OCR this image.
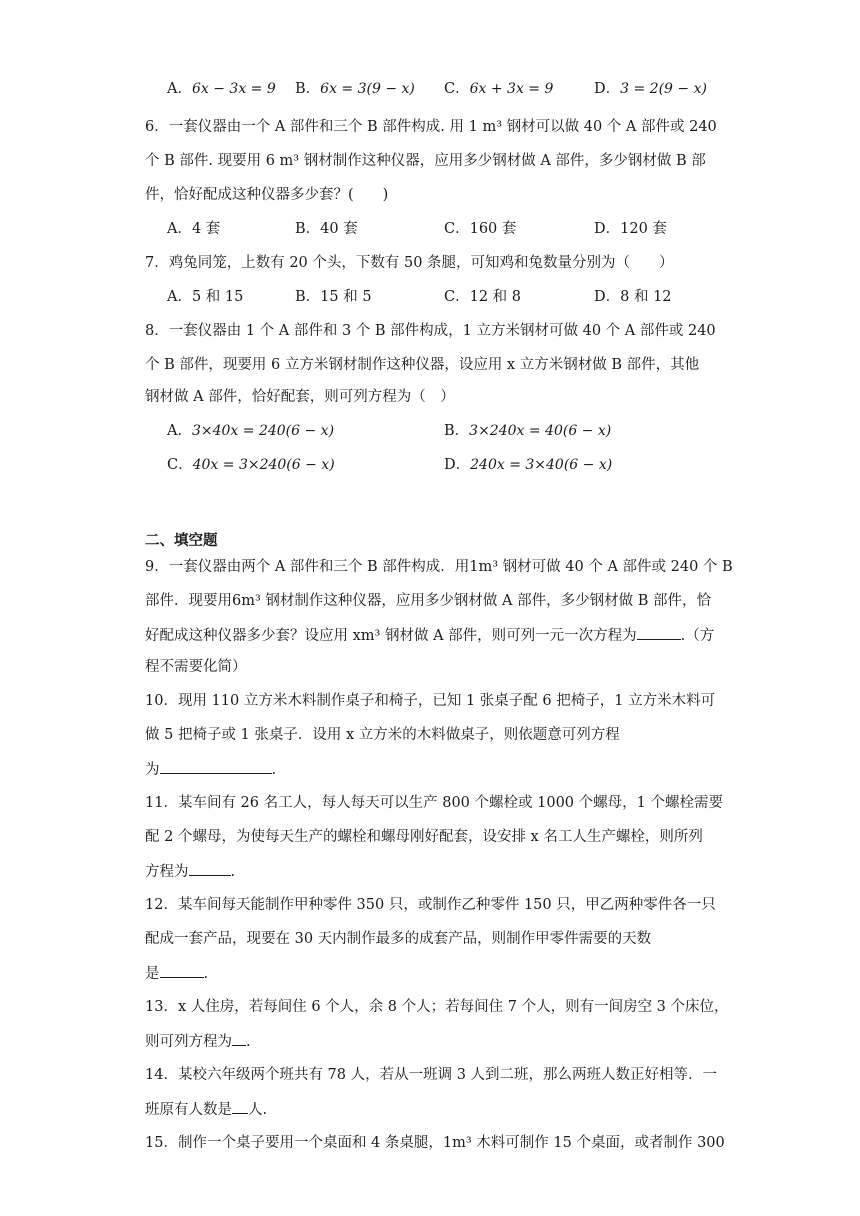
A．6x − 3x = 9 B．6x = 3(9 − x) C．6x + 3x = 9	D．3 = 2(9 − x)
6．一套仪器由一个 A 部件和三个 B 部件构成. 用 1 m³ 钢材可以做 40 个 A 部件或 240
个 B 部件. 现要用 6 m³ 钢材制作这种仪器，应用多少钢材做 A 部件，多少钢材做 B 部
件，恰好配成这种仪器多少套？(　　)
A．4 套	B．40 套	C．160 套	D．120 套
7．鸡兔同笼，上数有 20 个头，下数有 50 条腿，可知鸡和兔数量分别为（　　）
A．5 和 15	B．15 和 5	C．12 和 8	D．8 和 12
8．一套仪器由 1 个 A 部件和 3 个 B 部件构成，1 立方米钢材可做 40 个 A 部件或 240
个 B 部件，现要用 6 立方米钢材制作这种仪器，设应用 x 立方米钢材做 B 部件，其他
钢材做 A 部件，恰好配套，则可列方程为（　）
A．3×40x = 240(6 − x)	B．3×240x = 40(6 − x)
C．40x = 3×240(6 − x)	D．240x = 3×40(6 − x)
二、填空题
9．一套仪器由两个 A 部件和三个 B 部件构成．用1m³ 钢材可做 40 个 A 部件或 240 个 B
部件．现要用6m³ 钢材制作这种仪器，应用多少钢材做 A 部件，多少钢材做 B 部件，恰
好配成这种仪器多少套？设应用 xm³ 钢材做 A 部件，则可列一元一次方程为	.（方
程不需要化简）
10．现用 110 立方米木料制作桌子和椅子，已知 1 张桌子配 6 把椅子，1 立方米木料可
做 5 把椅子或 1 张桌子．设用 x 立方米的木料做桌子，则依题意可列方程
为	.
11．某车间有 26 名工人，每人每天可以生产 800 个螺栓或 1000 个螺母，1 个螺栓需要
配 2 个螺母，为使每天生产的螺栓和螺母刚好配套，设安排 x 名工人生产螺栓，则所列
方程为	.
12．某车间每天能制作甲种零件 350 只，或制作乙种零件 150 只，甲乙两种零件各一只
配成一套产品，现要在 30 天内制作最多的成套产品，则制作甲零件需要的天数
是	.
13．x 人住房，若每间住 6 个人，余 8 个人；若每间住 7 个人，则有一间房空 3 个床位，
则可列方程为 .
14．某校六年级两个班共有 78 人，若从一班调 3 人到二班，那么两班人数正好相等．一
班原有人数是 人.
15．制作一个桌子要用一个桌面和 4 条桌腿，1m³ 木料可制作 15 个桌面，或者制作 300
